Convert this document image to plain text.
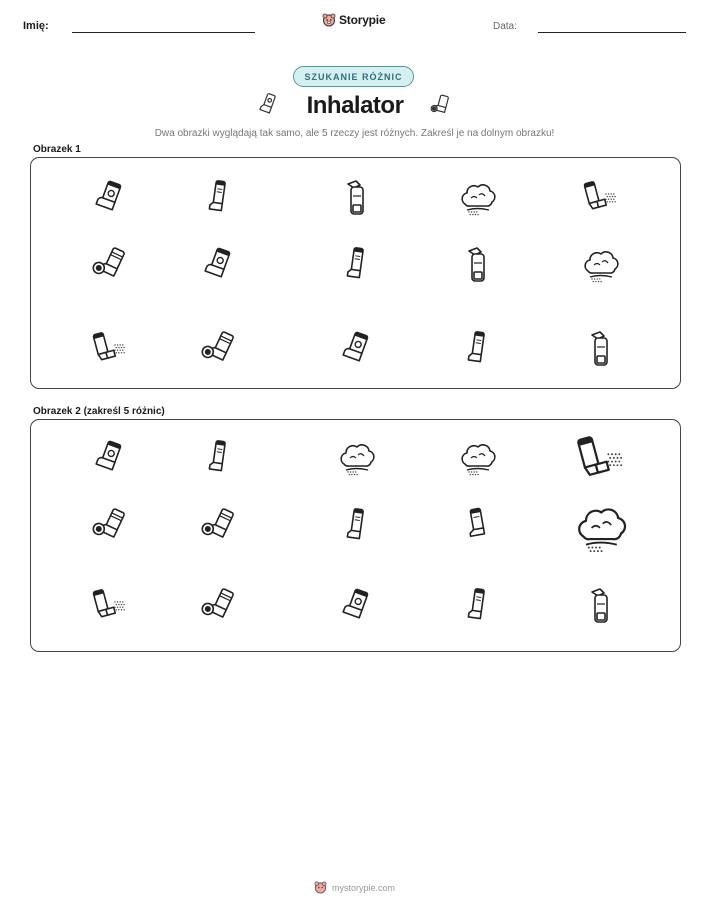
Imię:	Storypie	Data:
SZUKANIE RÓŻNIC
Inhalator
Dwa obrazki wyglądają tak samo, ale 5 rzeczy jest różnych. Zakreśl je na dolnym obrazku!
Obrazek 1
Obrazek 2 (zakreśl 5 różnic)
mystorypie.com
